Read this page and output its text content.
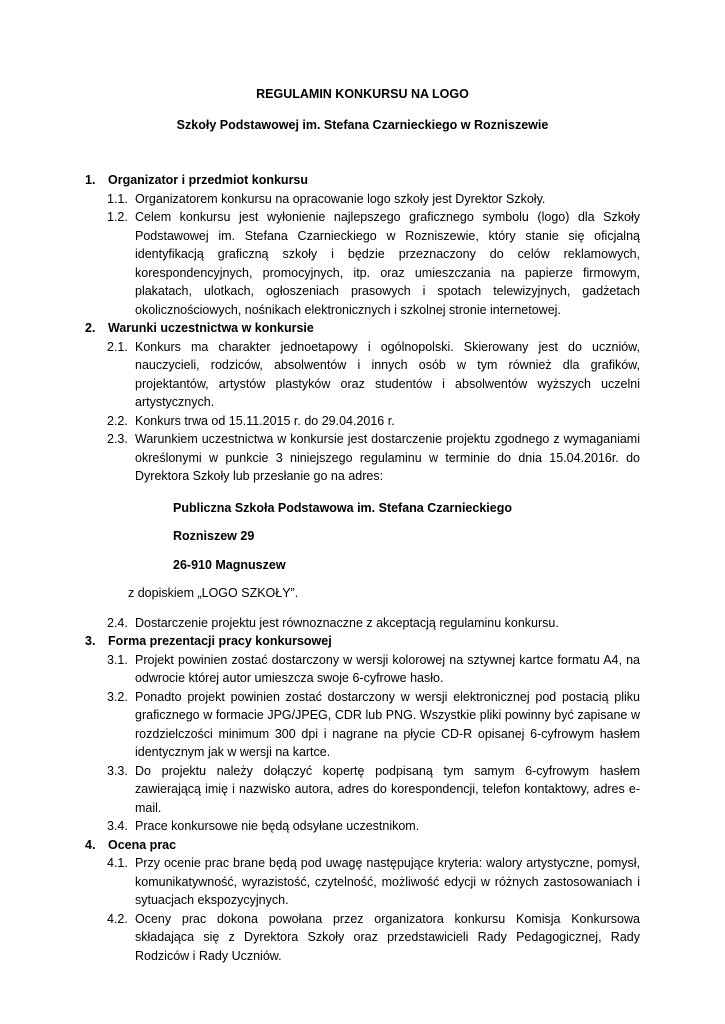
REGULAMIN KONKURSU NA LOGO

Szkoły Podstawowej im. Stefana Czarnieckiego w Rozniszewie

1. Organizator i przedmiot konkursu
1.1. Organizatorem konkursu na opracowanie logo szkoły jest Dyrektor Szkoły.
1.2. Celem konkursu jest wyłonienie najlepszego graficznego symbolu (logo) dla Szkoły Podstawowej im. Stefana Czarnieckiego w Rozniszewie, który stanie się oficjalną identyfikacją graficzną szkoły i będzie przeznaczony do celów reklamowych, korespondencyjnych, promocyjnych, itp. oraz umieszczania na papierze firmowym, plakatach, ulotkach, ogłoszeniach prasowych i spotach telewizyjnych, gadżetach okolicznościowych, nośnikach elektronicznych i szkolnej stronie internetowej.
2. Warunki uczestnictwa w konkursie
2.1. Konkurs ma charakter jednoetapowy i ogólnopolski. Skierowany jest do uczniów, nauczycieli, rodziców, absolwentów i innych osób w tym również dla grafików, projektantów, artystów plastyków oraz studentów i absolwentów wyższych uczelni artystycznych.
2.2. Konkurs trwa od 15.11.2015 r. do 29.04.2016 r.
2.3. Warunkiem uczestnictwa w konkursie jest dostarczenie projektu zgodnego z wymaganiami określonymi w punkcie 3 niniejszego regulaminu w terminie do dnia 15.04.2016r. do Dyrektora Szkoły lub przesłanie go na adres:
Publiczna Szkoła Podstawowa im. Stefana Czarnieckiego
Rozniszew 29
26-910 Magnuszew
z dopiskiem „LOGO SZKOŁY”.
2.4. Dostarczenie projektu jest równoznaczne z akceptacją regulaminu konkursu.
3. Forma prezentacji pracy konkursowej
3.1. Projekt powinien zostać dostarczony w wersji kolorowej na sztywnej kartce formatu A4, na odwrocie której autor umieszcza swoje 6-cyfrowe hasło.
3.2. Ponadto projekt powinien zostać dostarczony w wersji elektronicznej pod postacią pliku graficznego w formacie JPG/JPEG, CDR lub PNG. Wszystkie pliki powinny być zapisane w rozdzielczości minimum 300 dpi i nagrane na płycie CD-R opisanej 6-cyfrowym hasłem identycznym jak w wersji na kartce.
3.3. Do projektu należy dołączyć kopertę podpisaną tym samym 6-cyfrowym hasłem zawierającą imię i nazwisko autora, adres do korespondencji, telefon kontaktowy, adres e-mail.
3.4. Prace konkursowe nie będą odsyłane uczestnikom.
4. Ocena prac
4.1. Przy ocenie prac brane będą pod uwagę następujące kryteria: walory artystyczne, pomysł, komunikatywność, wyrazistość, czytelność, możliwość edycji w różnych zastosowaniach i sytuacjach ekspozycyjnych.
4.2. Oceny prac dokona powołana przez organizatora konkursu Komisja Konkursowa składająca się z Dyrektora Szkoły oraz przedstawicieli Rady Pedagogicznej, Rady Rodziców i Rady Uczniów.
